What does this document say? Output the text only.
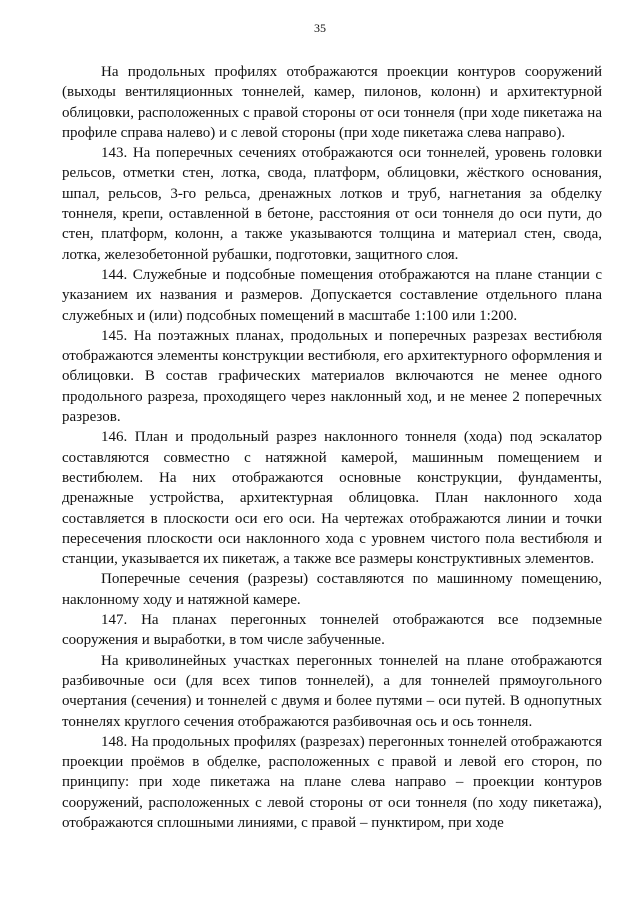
35

На продольных профилях отображаются проекции контуров сооружений (выходы вентиляционных тоннелей, камер, пилонов, колонн) и архитектурной облицовки, расположенных с правой стороны от оси тоннеля (при ходе пикетажа на профиле справа налево) и с левой стороны (при ходе пикетажа слева направо).

143. На поперечных сечениях отображаются оси тоннелей, уровень головки рельсов, отметки стен, лотка, свода, платформ, облицовки, жёсткого основания, шпал, рельсов, 3-го рельса, дренажных лотков и труб, нагнетания за обделку тоннеля, крепи, оставленной в бетоне, расстояния от оси тоннеля до оси пути, до стен, платформ, колонн, а также указываются толщина и материал стен, свода, лотка, железобетонной рубашки, подготовки, защитного слоя.

144. Служебные и подсобные помещения отображаются на плане станции с указанием их названия и размеров. Допускается составление отдельного плана служебных и (или) подсобных помещений в масштабе 1:100 или 1:200.

145. На поэтажных планах, продольных и поперечных разрезах вестибюля отображаются элементы конструкции вестибюля, его архитектурного оформления и облицовки. В состав графических материалов включаются не менее одного продольного разреза, проходящего через наклонный ход, и не менее 2 поперечных разрезов.

146. План и продольный разрез наклонного тоннеля (хода) под эскалатор составляются совместно с натяжной камерой, машинным помещением и вестибюлем. На них отображаются основные конструкции, фундаменты, дренажные устройства, архитектурная облицовка. План наклонного хода составляется в плоскости оси его оси. На чертежах отображаются линии и точки пересечения плоскости оси наклонного хода с уровнем чистого пола вестибюля и станции, указывается их пикетаж, а также все размеры конструктивных элементов.

Поперечные сечения (разрезы) составляются по машинному помещению, наклонному ходу и натяжной камере.

147. На планах перегонных тоннелей отображаются все подземные сооружения и выработки, в том числе забученные.

На криволинейных участках перегонных тоннелей на плане отображаются разбивочные оси (для всех типов тоннелей), а для тоннелей прямоугольного очертания (сечения) и тоннелей с двумя и более путями – оси путей. В однопутных тоннелях круглого сечения отображаются разбивочная ось и ось тоннеля.

148. На продольных профилях (разрезах) перегонных тоннелей отображаются проекции проёмов в обделке, расположенных с правой и левой его сторон, по принципу: при ходе пикетажа на плане слева направо – проекции контуров сооружений, расположенных с левой стороны от оси тоннеля (по ходу пикетажа), отображаются сплошными линиями, с правой – пунктиром, при ходе
